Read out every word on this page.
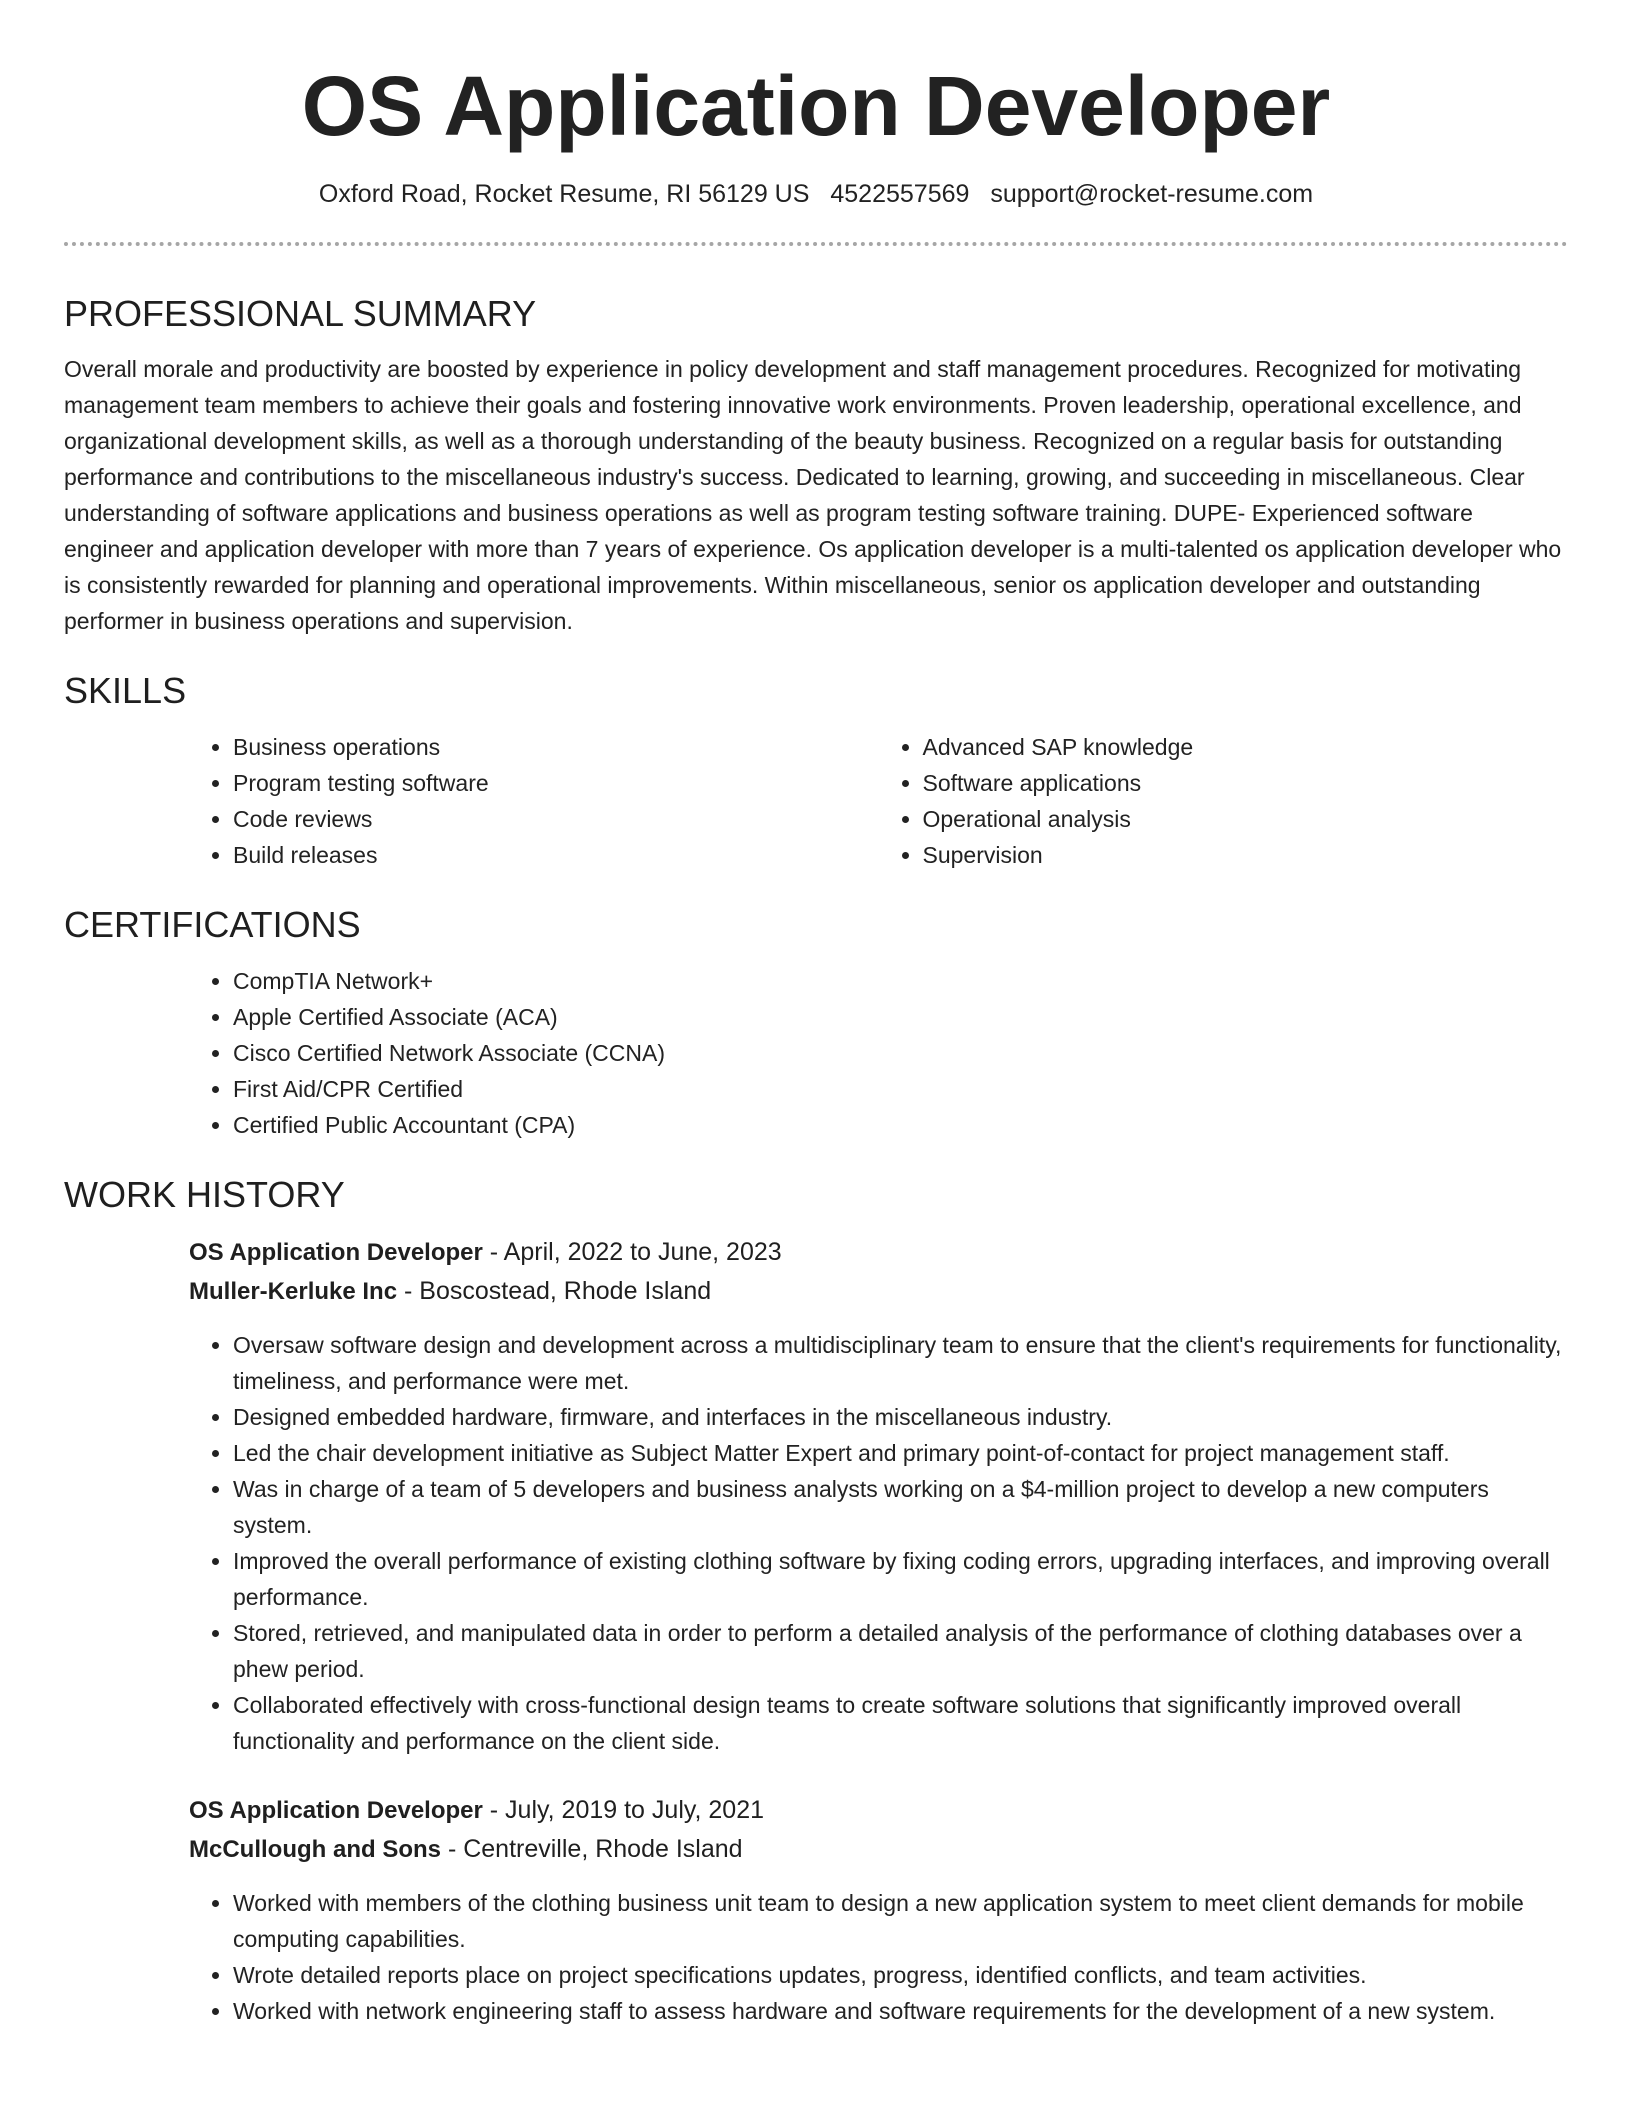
OS Application Developer
Oxford Road, Rocket Resume, RI 56129 US 4522557569 support@rocket-resume.com
PROFESSIONAL SUMMARY

Overall morale and productivity are boosted by experience in policy development and staff management procedures. Recognized for motivating management team members to achieve their goals and fostering innovative work environments. Proven leadership, operational excellence, and organizational development skills, as well as a thorough understanding of the beauty business. Recognized on a regular basis for outstanding performance and contributions to the miscellaneous industry's success. Dedicated to learning, growing, and succeeding in miscellaneous. Clear understanding of software applications and business operations as well as program testing software training. DUPE- Experienced software engineer and application developer with more than 7 years of experience. Os application developer is a multi-talented os application developer who is consistently rewarded for planning and operational improvements. Within miscellaneous, senior os application developer and outstanding performer in business operations and supervision.

SKILLS
• Business operations
• Program testing software
• Code reviews
• Build releases
• Advanced SAP knowledge
• Software applications
• Operational analysis
• Supervision
CERTIFICATIONS
• CompTIA Network+
• Apple Certified Associate (ACA)
• Cisco Certified Network Associate (CCNA)
• First Aid/CPR Certified
• Certified Public Accountant (CPA)
WORK HISTORY
OS Application Developer - April, 2022 to June, 2023
Muller-Kerluke Inc - Boscostead, Rhode Island
• Oversaw software design and development across a multidisciplinary team to ensure that the client's requirements for functionality, timeliness, and performance were met.
• Designed embedded hardware, firmware, and interfaces in the miscellaneous industry.
• Led the chair development initiative as Subject Matter Expert and primary point-of-contact for project management staff.
• Was in charge of a team of 5 developers and business analysts working on a $4-million project to develop a new computers system.
• Improved the overall performance of existing clothing software by fixing coding errors, upgrading interfaces, and improving overall performance.
• Stored, retrieved, and manipulated data in order to perform a detailed analysis of the performance of clothing databases over a phew period.
• Collaborated effectively with cross-functional design teams to create software solutions that significantly improved overall functionality and performance on the client side.
OS Application Developer - July, 2019 to July, 2021
McCullough and Sons - Centreville, Rhode Island
• Worked with members of the clothing business unit team to design a new application system to meet client demands for mobile computing capabilities.
• Wrote detailed reports place on project specifications updates, progress, identified conflicts, and team activities.
• Worked with network engineering staff to assess hardware and software requirements for the development of a new system.
